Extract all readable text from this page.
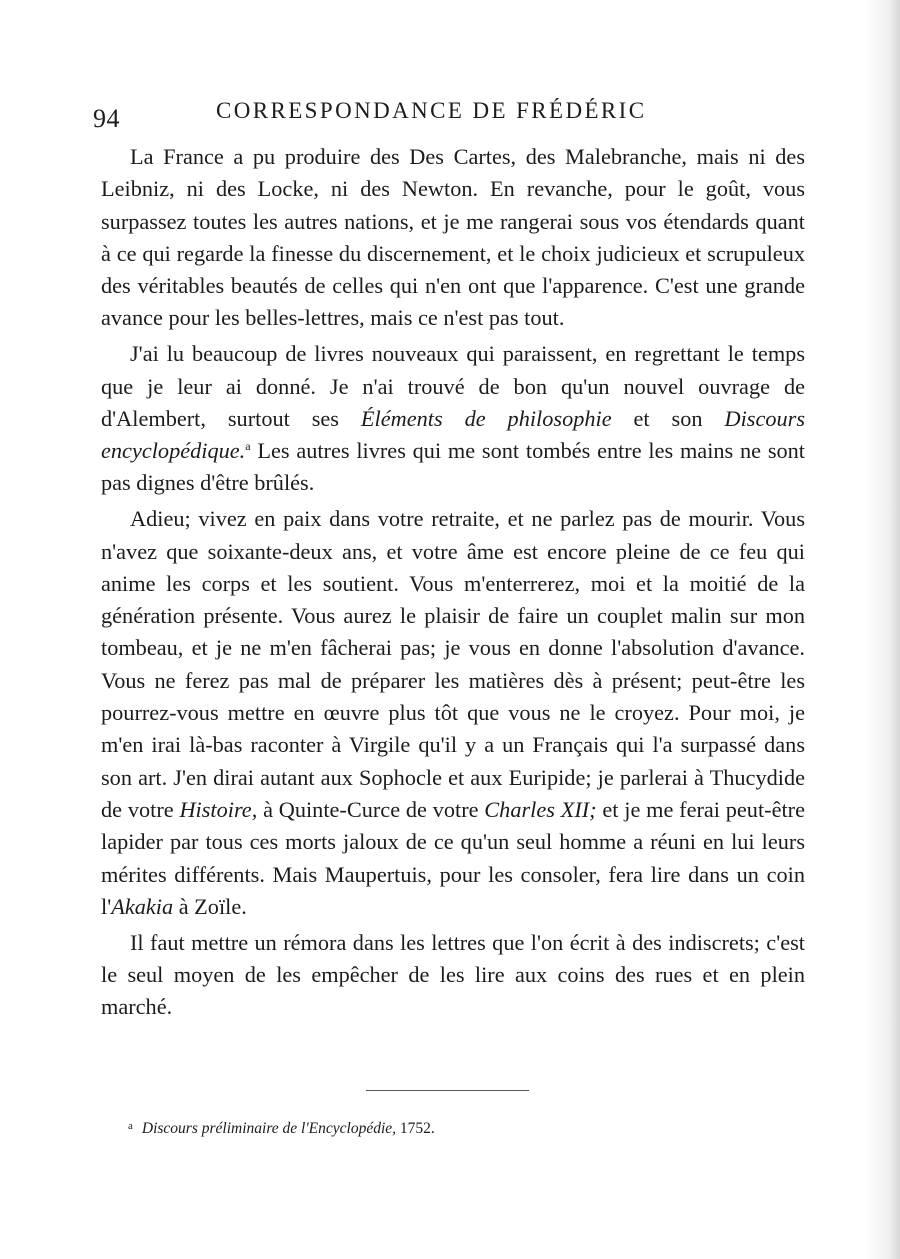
94	CORRESPONDANCE DE FRÉDÉRIC

La France a pu produire des Des Cartes, des Malebranche, mais ni des Leibniz, ni des Locke, ni des Newton. En revanche, pour le goût, vous surpassez toutes les autres nations, et je me rangerai sous vos étendards quant à ce qui regarde la finesse du discernement, et le choix judicieux et scrupuleux des véritables beautés de celles qui n'en ont que l'apparence. C'est une grande avance pour les belles-lettres, mais ce n'est pas tout.

J'ai lu beaucoup de livres nouveaux qui paraissent, en regrettant le temps que je leur ai donné. Je n'ai trouvé de bon qu'un nouvel ouvrage de d'Alembert, surtout ses Éléments de philosophie et son Discours encyclopédique.$^a$ Les autres livres qui me sont tombés entre les mains ne sont pas dignes d'être brûlés.

Adieu; vivez en paix dans votre retraite, et ne parlez pas de mourir. Vous n'avez que soixante-deux ans, et votre âme est encore pleine de ce feu qui anime les corps et les soutient. Vous m'enterrerez, moi et la moitié de la génération présente. Vous aurez le plaisir de faire un couplet malin sur mon tombeau, et je ne m'en fâcherai pas; je vous en donne l'absolution d'avance. Vous ne ferez pas mal de préparer les matières dès à présent; peut-être les pourrez-vous mettre en œuvre plus tôt que vous ne le croyez. Pour moi, je m'en irai là-bas raconter à Virgile qu'il y a un Français qui l'a surpassé dans son art. J'en dirai autant aux Sophocle et aux Euripide; je parlerai à Thucydide de votre Histoire, à Quinte-Curce de votre Charles XII; et je me ferai peut-être lapider par tous ces morts jaloux de ce qu'un seul homme a réuni en lui leurs mérites différents. Mais Maupertuis, pour les consoler, fera lire dans un coin l'Akakia à Zoïle.

Il faut mettre un rémora dans les lettres que l'on écrit à des indiscrets; c'est le seul moyen de les empêcher de les lire aux coins des rues et en plein marché.

$^a$ Discours préliminaire de l'Encyclopédie, 1752.
